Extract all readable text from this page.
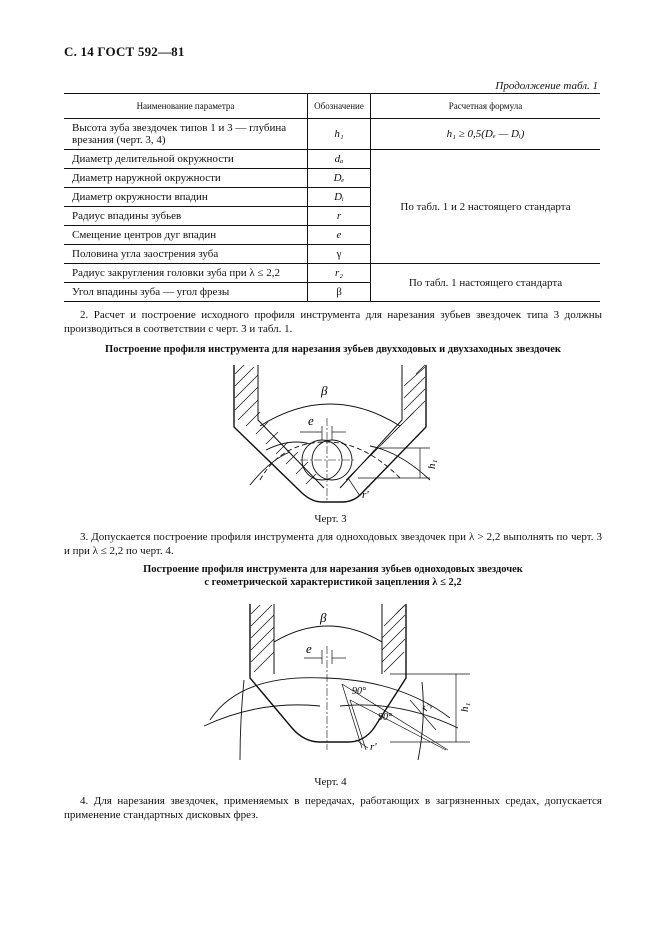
С. 14 ГОСТ 592—81
Продолжение табл. 1
Наименование параметра	Обозначение	Расчетная формула
Высота зуба звездочек типов 1 и 3 — глубина врезания (черт. 3, 4)	h₁	h₁ ≥ 0,5(Dₑ — Dᵢ)
Диаметр делительной окружности	dₐ	По табл. 1 и 2 настоящего стандарта
Диаметр наружной окружности	Dₑ	
Диаметр окружности впадин	Dᵢ	
Радиус впадины зубьев	r	
Смещение центров дуг впадин	e	
Половина угла заострения зуба	γ	
Радиус закругления головки зуба при λ ≤ 2,2	r₂	По табл. 1 настоящего стандарта
Угол впадины зуба — угол фрезы	β	
2. Расчет и построение исходного профиля инструмента для нарезания зубьев звездочек типа 3 должны производиться в соответствии с черт. 3 и табл. 1.
Построение профиля инструмента для нарезания зубьев двухходовых и двухзаходных звездочек
β
e
h₁
r'
Черт. 3
3. Допускается построение профиля инструмента для одноходовых звездочек при λ > 2,2 выполнять по черт. 3 и при λ ≤ 2,2 по черт. 4.
Построение профиля инструмента для нарезания зубьев одноходовых звездочек
с геометрической характеристикой зацепления λ ≤ 2,2
β
e
90°
90°
r₂ h₁
r'
Черт. 4
4. Для нарезания звездочек, применяемых в передачах, работающих в загрязненных средах, допускается применение стандартных дисковых фрез.
